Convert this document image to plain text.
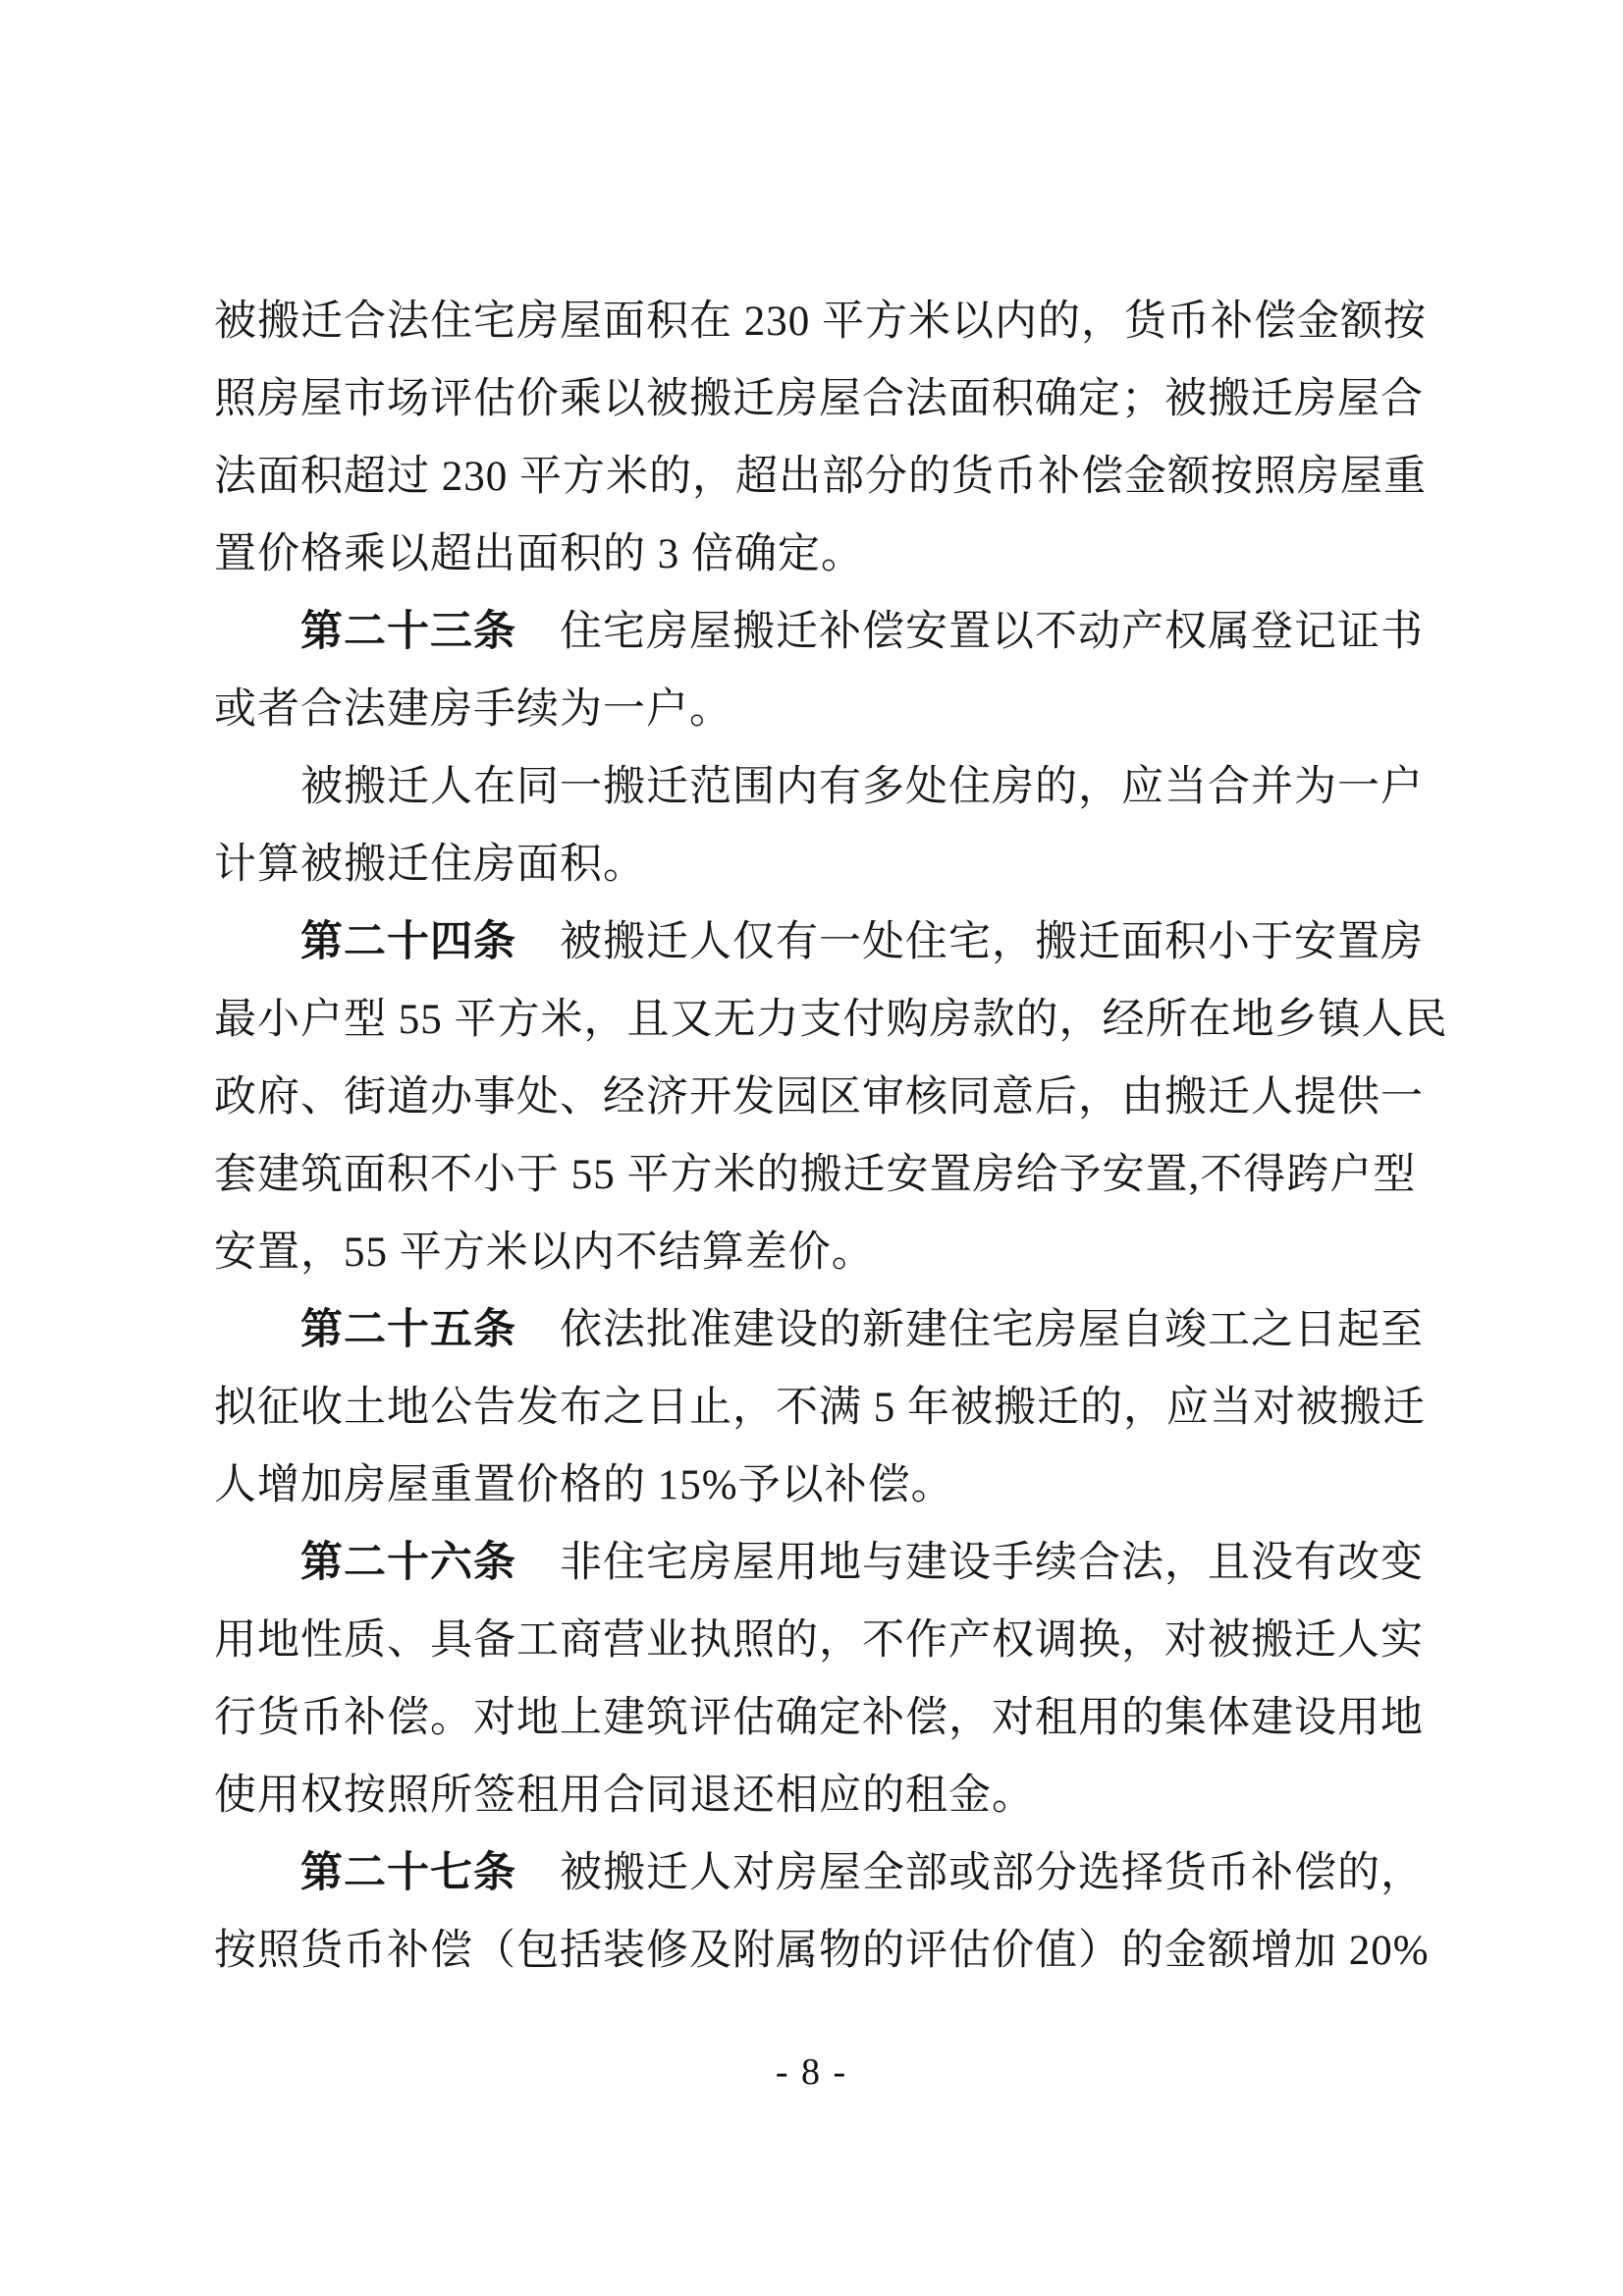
被搬迁合法住宅房屋面积在 230 平方米以内的，货币补偿金额按
照房屋市场评估价乘以被搬迁房屋合法面积确定；被搬迁房屋合
法面积超过 230 平方米的，超出部分的货币补偿金额按照房屋重
置价格乘以超出面积的 3 倍确定。
第二十三条　住宅房屋搬迁补偿安置以不动产权属登记证书
或者合法建房手续为一户。
被搬迁人在同一搬迁范围内有多处住房的，应当合并为一户
计算被搬迁住房面积。
第二十四条　被搬迁人仅有一处住宅，搬迁面积小于安置房
最小户型 55 平方米，且又无力支付购房款的，经所在地乡镇人民
政府、街道办事处、经济开发园区审核同意后，由搬迁人提供一
套建筑面积不小于 55 平方米的搬迁安置房给予安置,不得跨户型
安置，55 平方米以内不结算差价。
第二十五条　依法批准建设的新建住宅房屋自竣工之日起至
拟征收土地公告发布之日止，不满 5 年被搬迁的，应当对被搬迁
人增加房屋重置价格的 15%予以补偿。
第二十六条　非住宅房屋用地与建设手续合法，且没有改变
用地性质、具备工商营业执照的，不作产权调换，对被搬迁人实
行货币补偿。对地上建筑评估确定补偿，对租用的集体建设用地
使用权按照所签租用合同退还相应的租金。
第二十七条　被搬迁人对房屋全部或部分选择货币补偿的，
按照货币补偿（包括装修及附属物的评估价值）的金额增加 20%
- 8 -
